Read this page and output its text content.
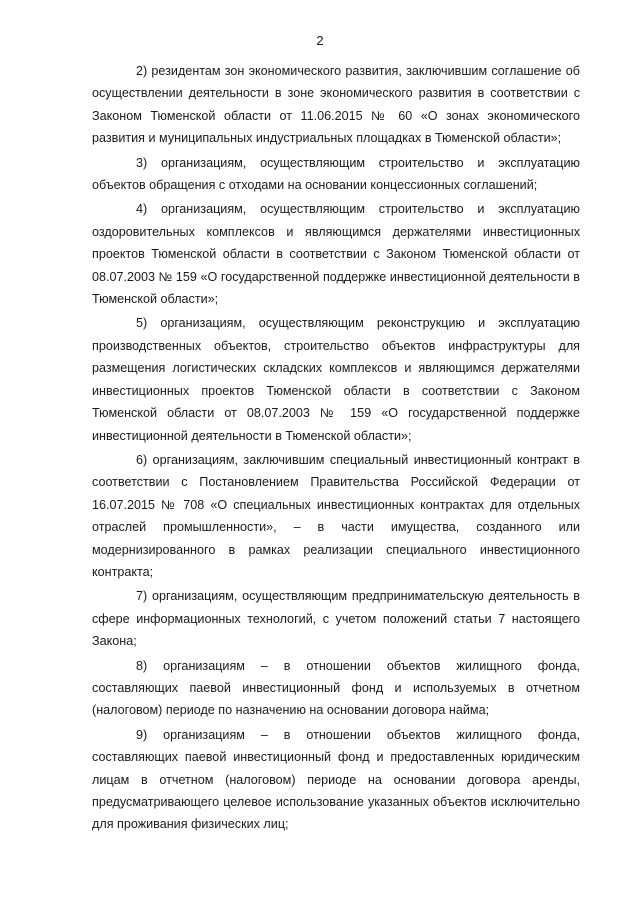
2

2) резидентам зон экономического развития, заключившим соглашение об осуществлении деятельности в зоне экономического развития в соответствии с Законом Тюменской области от 11.06.2015 № 60 «О зонах экономического развития и муниципальных индустриальных площадках в Тюменской области»;

3) организациям, осуществляющим строительство и эксплуатацию объектов обращения с отходами на основании концессионных соглашений;

4) организациям, осуществляющим строительство и эксплуатацию оздоровительных комплексов и являющимся держателями инвестиционных проектов Тюменской области в соответствии с Законом Тюменской области от 08.07.2003 № 159 «О государственной поддержке инвестиционной деятельности в Тюменской области»;

5) организациям, осуществляющим реконструкцию и эксплуатацию производственных объектов, строительство объектов инфраструктуры для размещения логистических складских комплексов и являющимся держателями инвестиционных проектов Тюменской области в соответствии с Законом Тюменской области от 08.07.2003 № 159 «О государственной поддержке инвестиционной деятельности в Тюменской области»;

6) организациям, заключившим специальный инвестиционный контракт в соответствии с Постановлением Правительства Российской Федерации от 16.07.2015 № 708 «О специальных инвестиционных контрактах для отдельных отраслей промышленности», – в части имущества, созданного или модернизированного в рамках реализации специального инвестиционного контракта;

7) организациям, осуществляющим предпринимательскую деятельность в сфере информационных технологий, с учетом положений статьи 7 настоящего Закона;

8) организациям – в отношении объектов жилищного фонда, составляющих паевой инвестиционный фонд и используемых в отчетном (налоговом) периоде по назначению на основании договора найма;

9) организациям – в отношении объектов жилищного фонда, составляющих паевой инвестиционный фонд и предоставленных юридическим лицам в отчетном (налоговом) периоде на основании договора аренды, предусматривающего целевое использование указанных объектов исключительно для проживания физических лиц;
